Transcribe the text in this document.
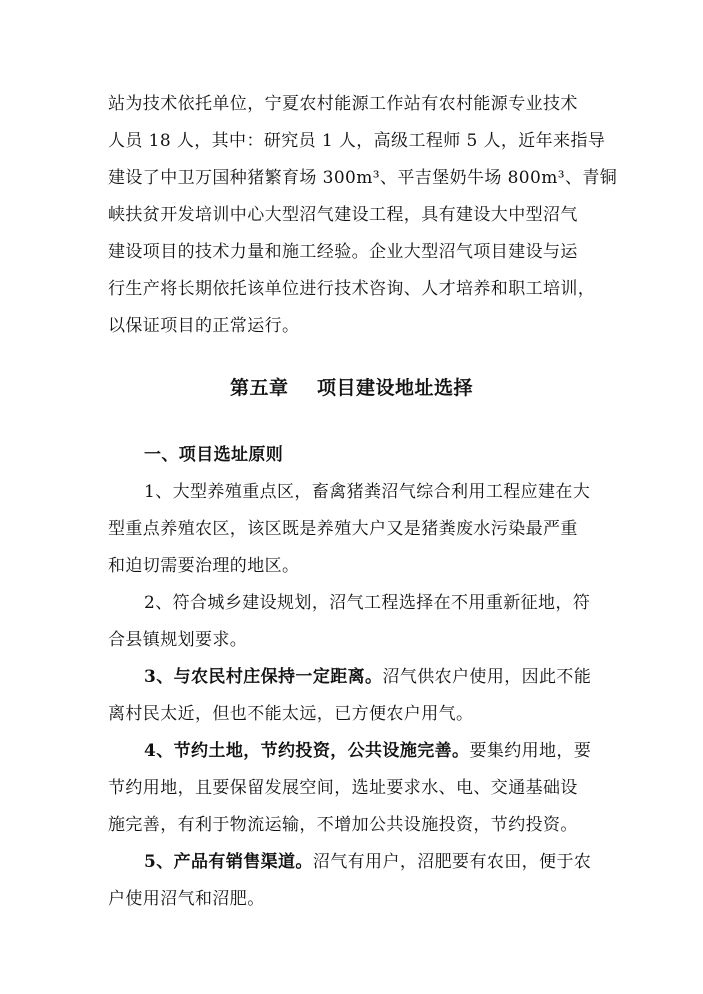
站为技术依托单位，宁夏农村能源工作站有农村能源专业技术
人员 18 人，其中：研究员 1 人，高级工程师 5 人，近年来指导
建设了中卫万国种猪繁育场 300m³、平吉堡奶牛场 800m³、青铜
峡扶贫开发培训中心大型沼气建设工程，具有建设大中型沼气
建设项目的技术力量和施工经验。企业大型沼气项目建设与运
行生产将长期依托该单位进行技术咨询、人才培养和职工培训，
以保证项目的正常运行。
第五章    项目建设地址选择
一、项目选址原则
1、大型养殖重点区，畜禽猪粪沼气综合利用工程应建在大
型重点养殖农区，该区既是养殖大户又是猪粪废水污染最严重
和迫切需要治理的地区。
2、符合城乡建设规划，沼气工程选择在不用重新征地，符
合县镇规划要求。
3、与农民村庄保持一定距离。沼气供农户使用，因此不能
离村民太近，但也不能太远，已方便农户用气。
4、节约土地，节约投资，公共设施完善。要集约用地，要
节约用地，且要保留发展空间，选址要求水、电、交通基础设
施完善，有利于物流运输，不增加公共设施投资，节约投资。
5、产品有销售渠道。沼气有用户，沼肥要有农田，便于农
户使用沼气和沼肥。
